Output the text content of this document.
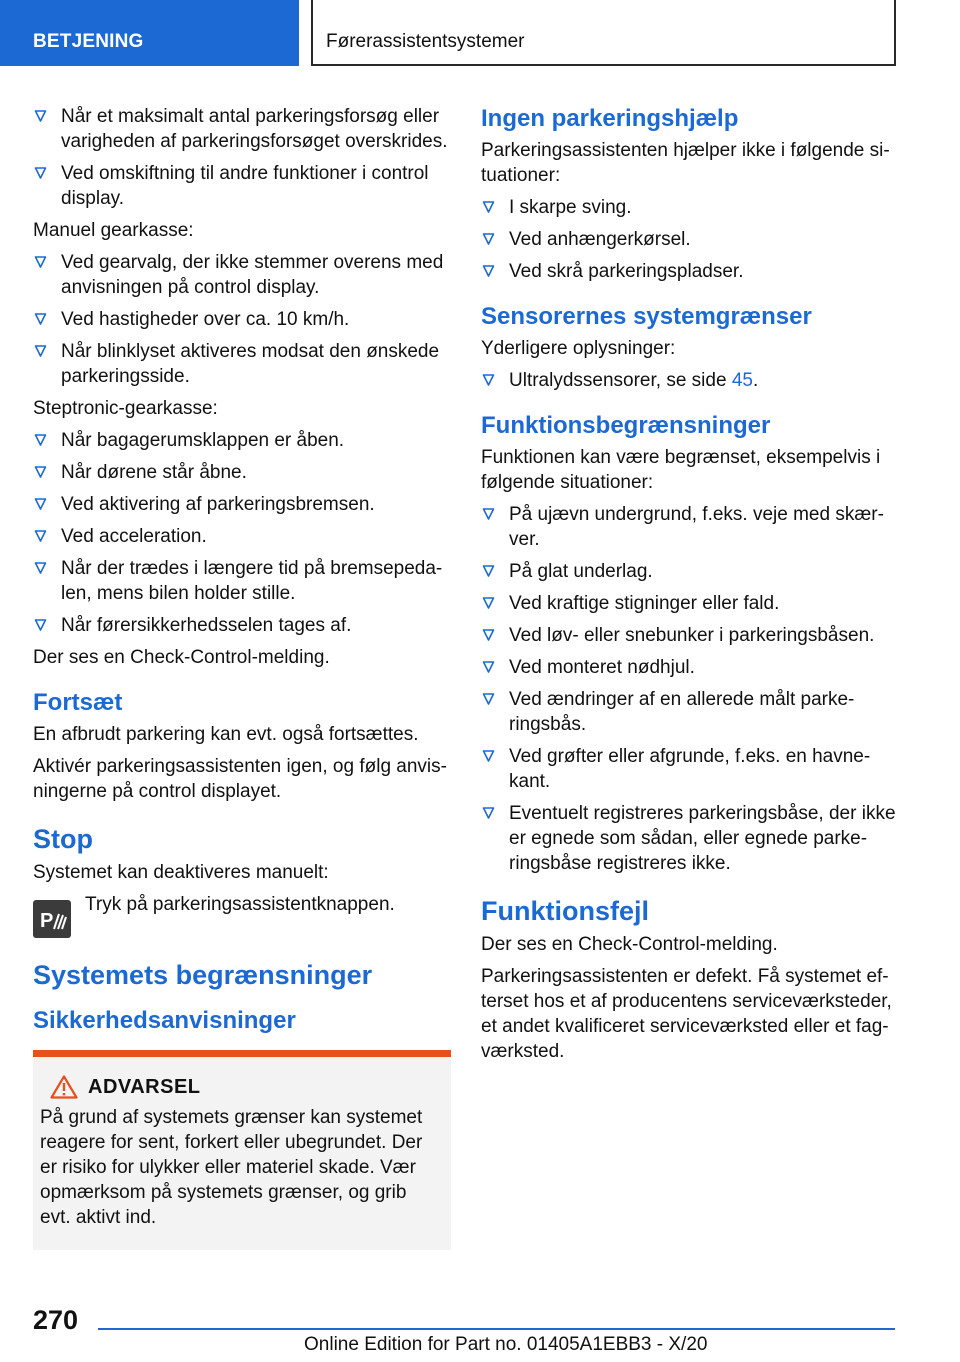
BETJENING	Førerassistentsystemer
Når et maksimalt antal parkeringsforsøg eller varigheden af parkeringsforsøget overskrides.
Ved omskiftning til andre funktioner i control display.
Manuel gearkasse:
Ved gearvalg, der ikke stemmer overens med anvisningen på control display.
Ved hastigheder over ca. 10 km/h.
Når blinklyset aktiveres modsat den ønskede parkeringsside.
Steptronic-gearkasse:
Når bagagerumsklappen er åben.
Når dørene står åbne.
Ved aktivering af parkeringsbremsen.
Ved acceleration.
Når der trædes i længere tid på bremsepedalen, mens bilen holder stille.
Når førersikkerhedsselen tages af.
Der ses en Check-Control-melding.
Fortsæt
En afbrudt parkering kan evt. også fortsættes.
Aktivér parkeringsassistenten igen, og følg anvisningerne på control displayet.
Stop
Systemet kan deaktiveres manuelt:
P
Tryk på parkeringsassistentknappen.
Systemets begrænsninger
Sikkerhedsanvisninger
ADVARSEL
På grund af systemets grænser kan systemet reagere for sent, forkert eller ubegrundet. Der er risiko for ulykker eller materiel skade. Vær opmærksom på systemets grænser, og grib evt. aktivt ind.
Ingen parkeringshjælp
Parkeringsassistenten hjælper ikke i følgende situationer:
I skarpe sving.
Ved anhængerkørsel.
Ved skrå parkeringspladser.
Sensorernes systemgrænser
Yderligere oplysninger:
Ultralydssensorer, se side 45.
Funktionsbegrænsninger
Funktionen kan være begrænset, eksempelvis i følgende situationer:
På ujævn undergrund, f.eks. veje med skærver.
På glat underlag.
Ved kraftige stigninger eller fald.
Ved løv- eller snebunker i parkeringsbåsen.
Ved monteret nødhjul.
Ved ændringer af en allerede målt parkeringsbås.
Ved grøfter eller afgrunde, f.eks. en havnekant.
Eventuelt registreres parkeringsbåse, der ikke er egnede som sådan, eller egnede parkeringsbåse registreres ikke.
Funktionsfejl
Der ses en Check-Control-melding.
Parkeringsassistenten er defekt. Få systemet efterset hos et af producentens serviceværksteder, et andet kvalificeret serviceværksted eller et fagværksted.
270
Online Edition for Part no. 01405A1EBB3 - X/20
